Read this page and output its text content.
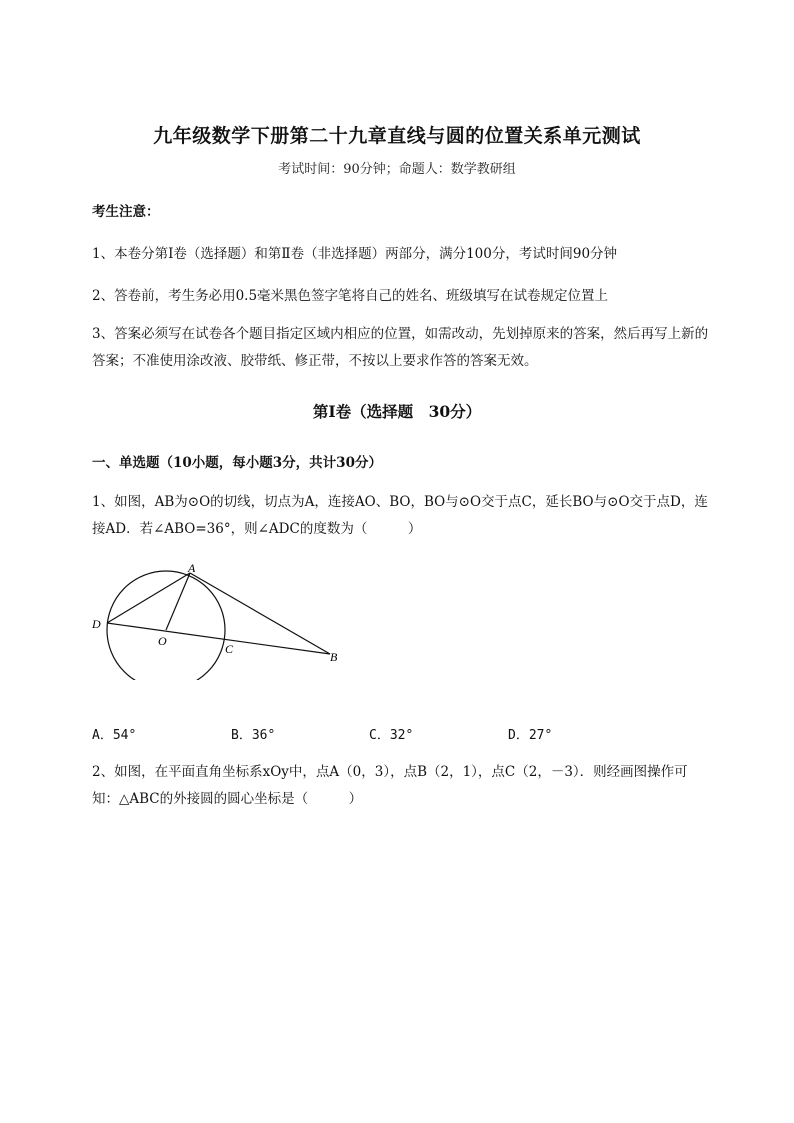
九年级数学下册第二十九章直线与圆的位置关系单元测试
考试时间：90分钟；命题人：数学教研组
考生注意：
1、本卷分第I卷（选择题）和第Ⅱ卷（非选择题）两部分，满分100分，考试时间90分钟
2、答卷前，考生务必用0.5毫米黑色签字笔将自己的姓名、班级填写在试卷规定位置上
3、答案必须写在试卷各个题目指定区域内相应的位置，如需改动，先划掉原来的答案，然后再写上新的答案；不准使用涂改液、胶带纸、修正带，不按以上要求作答的答案无效。
第I卷（选择题　30分）
一、单选题（10小题，每小题3分，共计30分）
1、如图，AB为⊙O的切线，切点为A，连接AO、BO，BO与⊙O交于点C，延长BO与⊙O交于点D，连接AD．若∠ABO=36°，则∠ADC的度数为（　　　）
A
B
C
D
O
A．54°	B．36°	C．32°	D．27°
2、如图，在平面直角坐标系xOy中，点A（0，3），点B（2，1），点C（2，－3）．则经画图操作可知：△ABC的外接圆的圆心坐标是（　　　）
